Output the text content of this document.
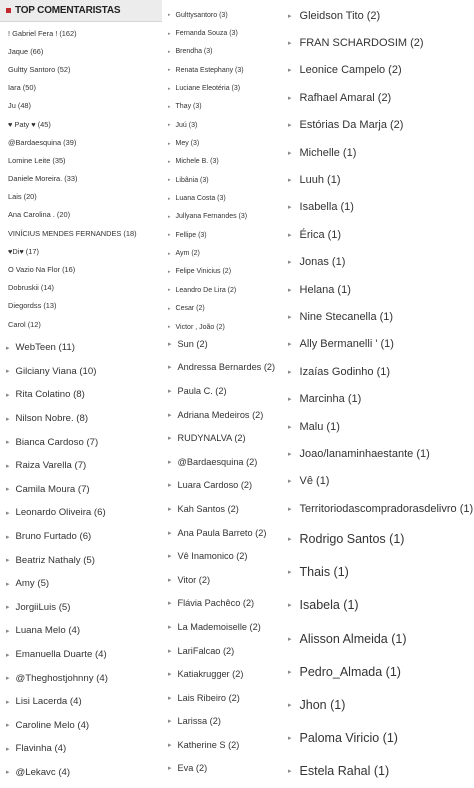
TOP COMENTARISTAS
! Gabriel Fera ! (162)
Jaque (66)
Gultty Santoro (52)
Iara (50)
Ju (48)
♥ Paty ♥ (45)
@Bardaesquina (39)
Lomine Leite (35)
Daniele Moreira. (33)
Lais (20)
Ana Carolina . (20)
VINÍCIUS MENDES FERNANDES (18)
♥Di♥ (17)
O Vazio Na Flor (16)
Dobruskii (14)
Diegordss (13)
Carol (12)
▸ Gulttysantoro (3)
▸ Fernanda Souza (3)
▸ Brendha (3)
▸ Renata Estephany (3)
▸ Luciane Eleotéria (3)
▸ Thay (3)
▸ Juú (3)
▸ Mey (3)
▸ Michele B. (3)
▸ Libânia (3)
▸ Luana Costa (3)
▸ Jullyana Fernandes (3)
▸ Fellipe (3)
▸ Aym (2)
▸ Felipe Vinicius (2)
▸ Leandro De Lira (2)
▸ Cesar (2)
▸ Victor , João (2)
▸ WebTeen (11)
▸ Gilciany Viana (10)
▸ Rita Colatino (8)
▸ Nilson Nobre. (8)
▸ Bianca Cardoso (7)
▸ Raiza Varella (7)
▸ Camila Moura (7)
▸ Leonardo Oliveira (6)
▸ Bruno Furtado (6)
▸ Beatriz Nathaly (5)
▸ Amy (5)
▸ JorgiiLuis (5)
▸ Luana Melo (4)
▸ Emanuella Duarte (4)
▸ @Theghostjohnny (4)
▸ Lisi Lacerda (4)
▸ Caroline Melo (4)
▸ Flavinha (4)
▸ @Lekavc (4)
▸ Sun (2)
▸ Andressa Bernardes (2)
▸ Paula C. (2)
▸ Adriana Medeiros (2)
▸ RUDYNALVA (2)
▸ @Bardaesquina (2)
▸ Luara Cardoso (2)
▸ Kah Santos (2)
▸ Ana Paula Barreto (2)
▸ Vê Inamonico (2)
▸ Vitor (2)
▸ Flávia Pachêco (2)
▸ La Mademoiselle (2)
▸ LariFalcao (2)
▸ Katiakrugger (2)
▸ Lais Ribeiro (2)
▸ Larissa (2)
▸ Katherine S (2)
▸ Eva (2)
▸ Gleidson Tito (2)
▸ FRAN SCHARDOSIM (2)
▸ Leonice Campelo (2)
▸ Rafhael Amaral (2)
▸ Estórias Da Marja (2)
▸ Michelle (1)
▸ Luuh (1)
▸ Isabella (1)
▸ Érica (1)
▸ Jonas (1)
▸ Helana (1)
▸ Nine Stecanella (1)
▸ Ally Bermanelli ' (1)
▸ Izaías Godinho (1)
▸ Marcinha (1)
▸ Malu (1)
▸ Joao/lanaminhaestante (1)
▸ Vê (1)
▸ Territoriodascompradorasdelivro (1)
▸ Rodrigo Santos (1)
▸ Thais (1)
▸ Isabela (1)
▸ Alisson Almeida (1)
▸ Pedro_Almada (1)
▸ Jhon (1)
▸ Paloma Viricio (1)
▸ Estela Rahal (1)
